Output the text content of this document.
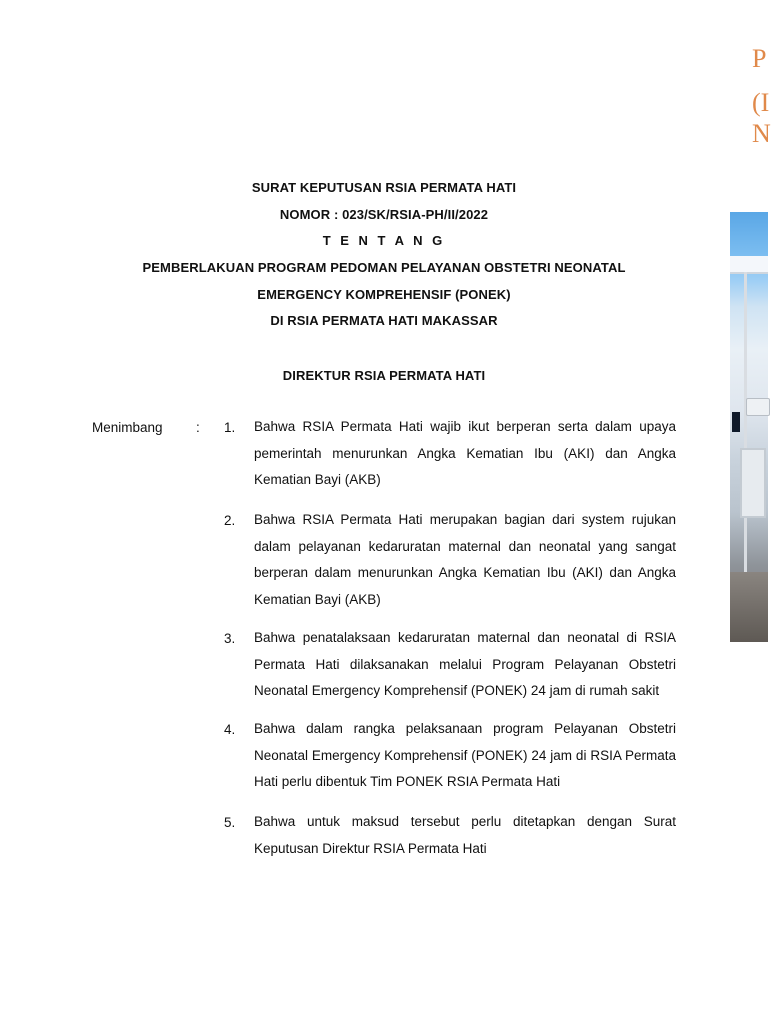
P
(I
N
SURAT KEPUTUSAN RSIA PERMATA HATI
NOMOR : 023/SK/RSIA-PH/II/2022
T E N T A N G
PEMBERLAKUAN PROGRAM PEDOMAN PELAYANAN OBSTETRI NEONATAL
EMERGENCY KOMPREHENSIF (PONEK)
DI RSIA PERMATA HATI MAKASSAR
DIREKTUR RSIA PERMATA HATI
Menimbang : 1. Bahwa RSIA Permata Hati wajib ikut berperan serta dalam upaya pemerintah menurunkan Angka Kematian Ibu (AKI) dan Angka Kematian Bayi (AKB)
2. Bahwa RSIA Permata Hati merupakan bagian dari system rujukan dalam pelayanan kedaruratan maternal dan neonatal yang sangat berperan dalam menurunkan Angka Kematian Ibu (AKI) dan Angka Kematian Bayi (AKB)
3. Bahwa penatalaksaan kedaruratan maternal dan neonatal di RSIA Permata Hati dilaksanakan melalui Program Pelayanan Obstetri Neonatal Emergency Komprehensif (PONEK) 24 jam di rumah sakit
4. Bahwa dalam rangka pelaksanaan program Pelayanan Obstetri Neonatal Emergency Komprehensif (PONEK) 24 jam di RSIA Permata Hati perlu dibentuk Tim PONEK RSIA Permata Hati
5. Bahwa untuk maksud tersebut perlu ditetapkan dengan Surat Keputusan Direktur RSIA Permata Hati
